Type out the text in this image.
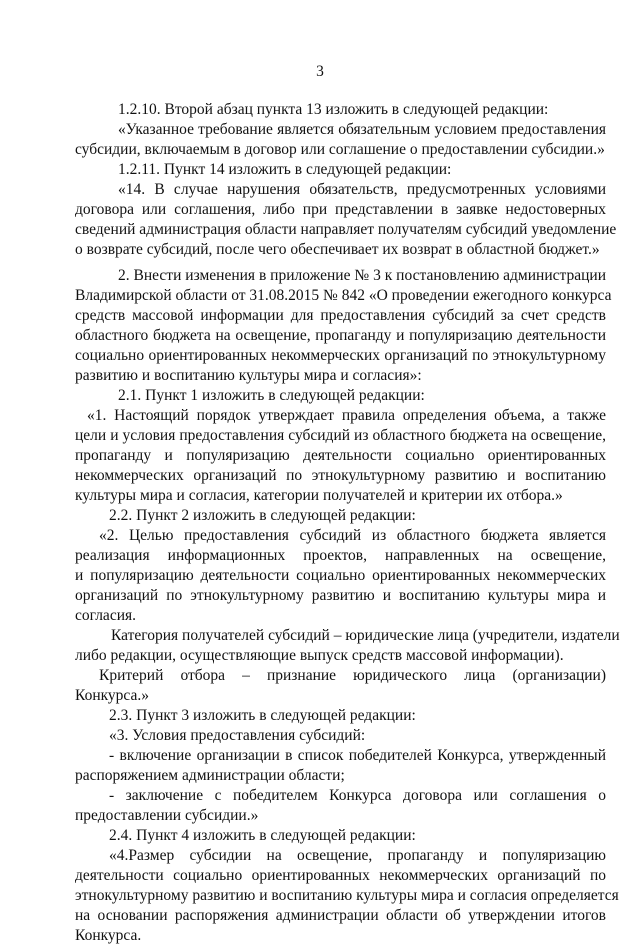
3
1.2.10. Второй абзац пункта 13 изложить в следующей редакции:
«Указанное требование является обязательным условием предоставления
субсидии, включаемым в договор или соглашение о предоставлении субсидии.»
1.2.11. Пункт 14 изложить в следующей редакции:
«14. В случае нарушения обязательств, предусмотренных условиями
договора или соглашения, либо при представлении в заявке недостоверных
сведений администрация области направляет получателям субсидий уведомление
о возврате субсидий, после чего обеспечивает их возврат в областной бюджет.»
2. Внести изменения в приложение № 3 к постановлению администрации
Владимирской области от 31.08.2015 № 842 «О проведении ежегодного конкурса
средств массовой информации для предоставления субсидий за счет средств
областного бюджета на освещение, пропаганду и популяризацию деятельности
социально ориентированных некоммерческих организаций по этнокультурному
развитию и воспитанию культуры мира и согласия»:
2.1. Пункт 1 изложить в следующей редакции:
«1. Настоящий порядок утверждает правила определения объема, а также
цели и условия предоставления субсидий из областного бюджета на освещение,
пропаганду и популяризацию деятельности социально ориентированных
некоммерческих организаций по этнокультурному развитию и воспитанию
культуры мира и согласия, категории получателей и критерии их отбора.»
2.2. Пункт 2 изложить в следующей редакции:
«2. Целью предоставления субсидий из областного бюджета является
реализация информационных проектов, направленных на освещение,
и популяризацию деятельности социально ориентированных некоммерческих
организаций по этнокультурному развитию и воспитанию культуры мира и
согласия.
Категория получателей субсидий – юридические лица (учредители, издатели
либо редакции, осуществляющие выпуск средств массовой информации).
Критерий отбора – признание юридического лица (организации)
Конкурса.»
2.3. Пункт 3 изложить в следующей редакции:
«3. Условия предоставления субсидий:
- включение организации в список победителей Конкурса, утвержденный
распоряжением администрации области;
- заключение с победителем Конкурса договора или соглашения о
предоставлении субсидии.»
2.4. Пункт 4 изложить в следующей редакции:
«4.Размер субсидии на освещение, пропаганду и популяризацию
деятельности социально ориентированных некоммерческих организаций по
этнокультурному развитию и воспитанию культуры мира и согласия определяется
на основании распоряжения администрации области об утверждении итогов
Конкурса.
